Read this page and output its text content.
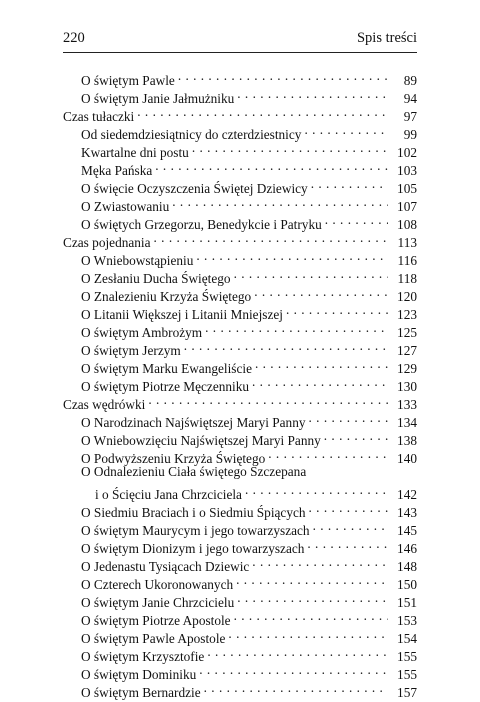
220	Spis treści
O świętym Pawle . . .	89
O świętym Janie Jałmużniku . . .	94
Czas tułaczki . . .	97
Od siedemdziesiątnicy do czterdziestnicy . . .	99
Kwartalne dni postu . . .	102
Męka Pańska . . .	103
O święcie Oczyszczenia Świętej Dziewicy . . .	105
O Zwiastowaniu . . .	107
O świętych Grzegorzu, Benedykcie i Patryku . . .	108
Czas pojednania . . .	113
O Wniebowstąpieniu . . .	116
O Zesłaniu Ducha Świętego . . .	118
O Znalezieniu Krzyża Świętego . . .	120
O Litanii Większej i Litanii Mniejszej . . .	123
O świętym Ambrożym . . .	125
O świętym Jerzym . . .	127
O świętym Marku Ewangeliście . . .	129
O świętym Piotrze Męczenniku . . .	130
Czas wędrówki . . .	133
O Narodzinach Najświętszej Maryi Panny . . .	134
O Wniebowzięciu Najświętszej Maryi Panny . . .	138
O Podwyższeniu Krzyża Świętego . . .	140
O Odnalezieniu Ciała świętego Szczepana
i o Ścięciu Jana Chrzciciela . . .	142
O Siedmiu Braciach i o Siedmiu Śpiących . . .	143
O świętym Maurycym i jego towarzyszach . . .	145
O świętym Dionizym i jego towarzyszach . . .	146
O Jedenastu Tysiącach Dziewic . . .	148
O Czterech Ukoronowanych . . .	150
O świętym Janie Chrzcicielu . . .	151
O świętym Piotrze Apostole . . .	153
O świętym Pawle Apostole . . .	154
O świętym Krzysztofie . . .	155
O świętym Dominiku . . .	155
O świętym Bernardzie . . .	157
